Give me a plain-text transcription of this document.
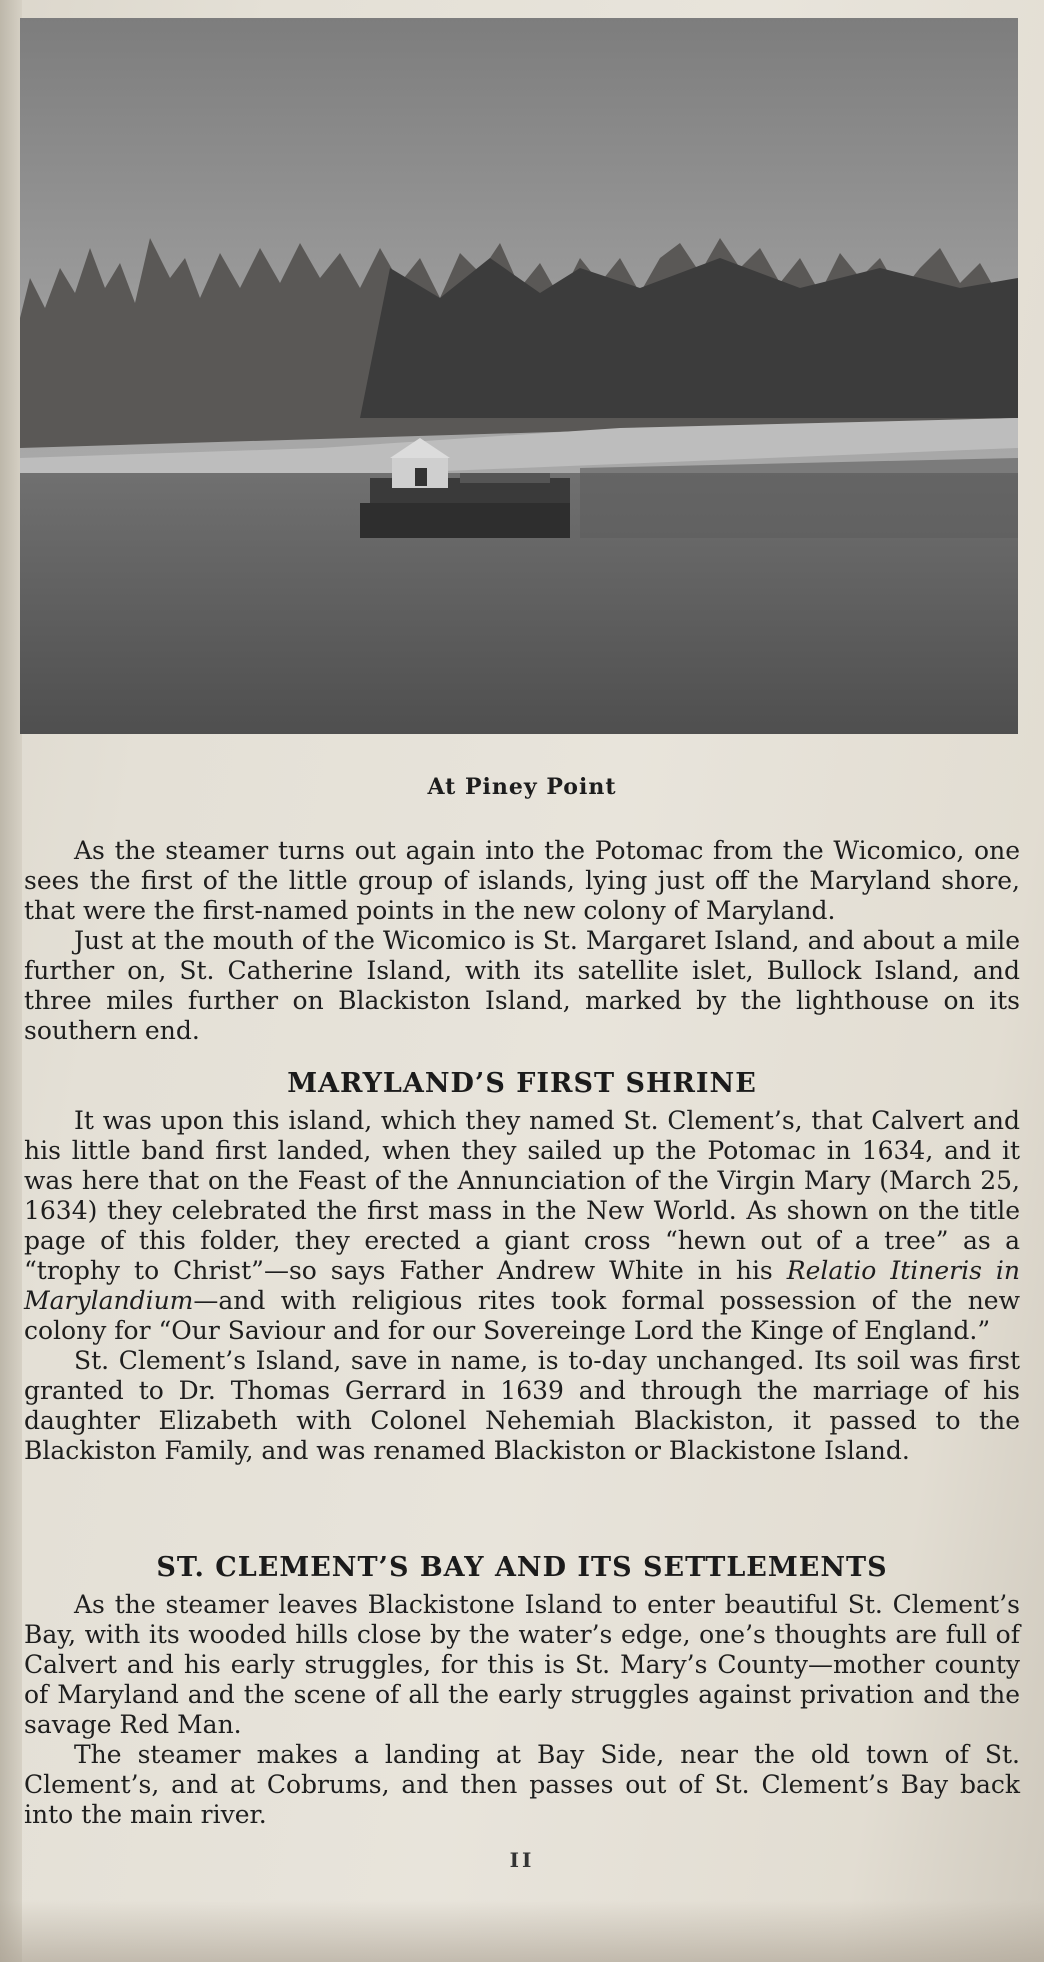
At Piney Point

As the steamer turns out again into the Potomac from the Wicomico, one sees the first of the little group of islands, lying just off the Maryland shore, that were the first-named points in the new colony of Maryland.

Just at the mouth of the Wicomico is St. Margaret Island, and about a mile further on, St. Catherine Island, with its satellite islet, Bullock Island, and three miles further on Blackiston Island, marked by the lighthouse on its southern end.

MARYLAND’S FIRST SHRINE

It was upon this island, which they named St. Clement’s, that Calvert and his little band first landed, when they sailed up the Potomac in 1634, and it was here that on the Feast of the Annunciation of the Virgin Mary (March 25, 1634) they celebrated the first mass in the New World. As shown on the title page of this folder, they erected a giant cross “hewn out of a tree” as a “trophy to Christ”—so says Father Andrew White in his Relatio Itineris in Marylandium—and with religious rites took formal possession of the new colony for “Our Saviour and for our Sovereinge Lord the Kinge of England.”

St. Clement’s Island, save in name, is to-day unchanged. Its soil was first granted to Dr. Thomas Gerrard in 1639 and through the marriage of his daughter Elizabeth with Colonel Nehemiah Blackiston, it passed to the Blackiston Family, and was renamed Blackiston or Blackistone Island.

ST. CLEMENT’S BAY AND ITS SETTLEMENTS

As the steamer leaves Blackistone Island to enter beautiful St. Clement’s Bay, with its wooded hills close by the water’s edge, one’s thoughts are full of Calvert and his early struggles, for this is St. Mary’s County—mother county of Maryland and the scene of all the early struggles against privation and the savage Red Man.

The steamer makes a landing at Bay Side, near the old town of St. Clement’s, and at Cobrums, and then passes out of St. Clement’s Bay back into the main river.

II
